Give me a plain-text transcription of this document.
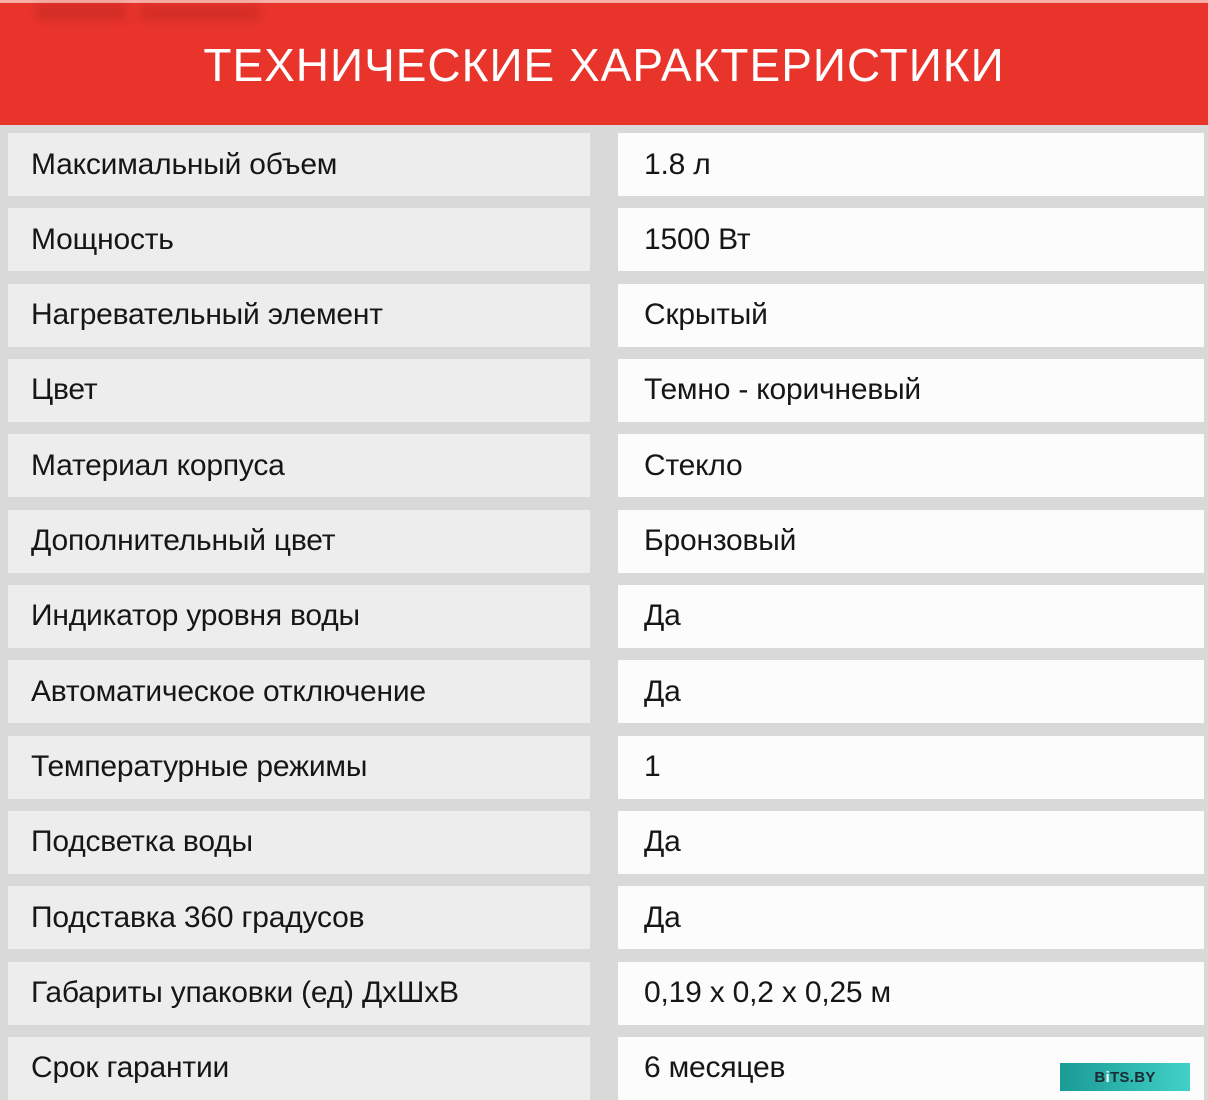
ТЕХНИЧЕСКИЕ ХАРАКТЕРИСТИКИ
Максимальный объем	1.8 л
Мощность	1500 Вт
Нагревательный элемент	Скрытый
Цвет	Темно - коричневый
Материал корпуса	Стекло
Дополнительный цвет	Бронзовый
Индикатор уровня воды	Да
Автоматическое отключение	Да
Температурные режимы	1
Подсветка воды	Да
Подставка 360 градусов	Да
Габариты упаковки (ед) ДхШхВ	0,19 х 0,2 х 0,25 м
Срок гарантии	6 месяцев	B i TS.BY
